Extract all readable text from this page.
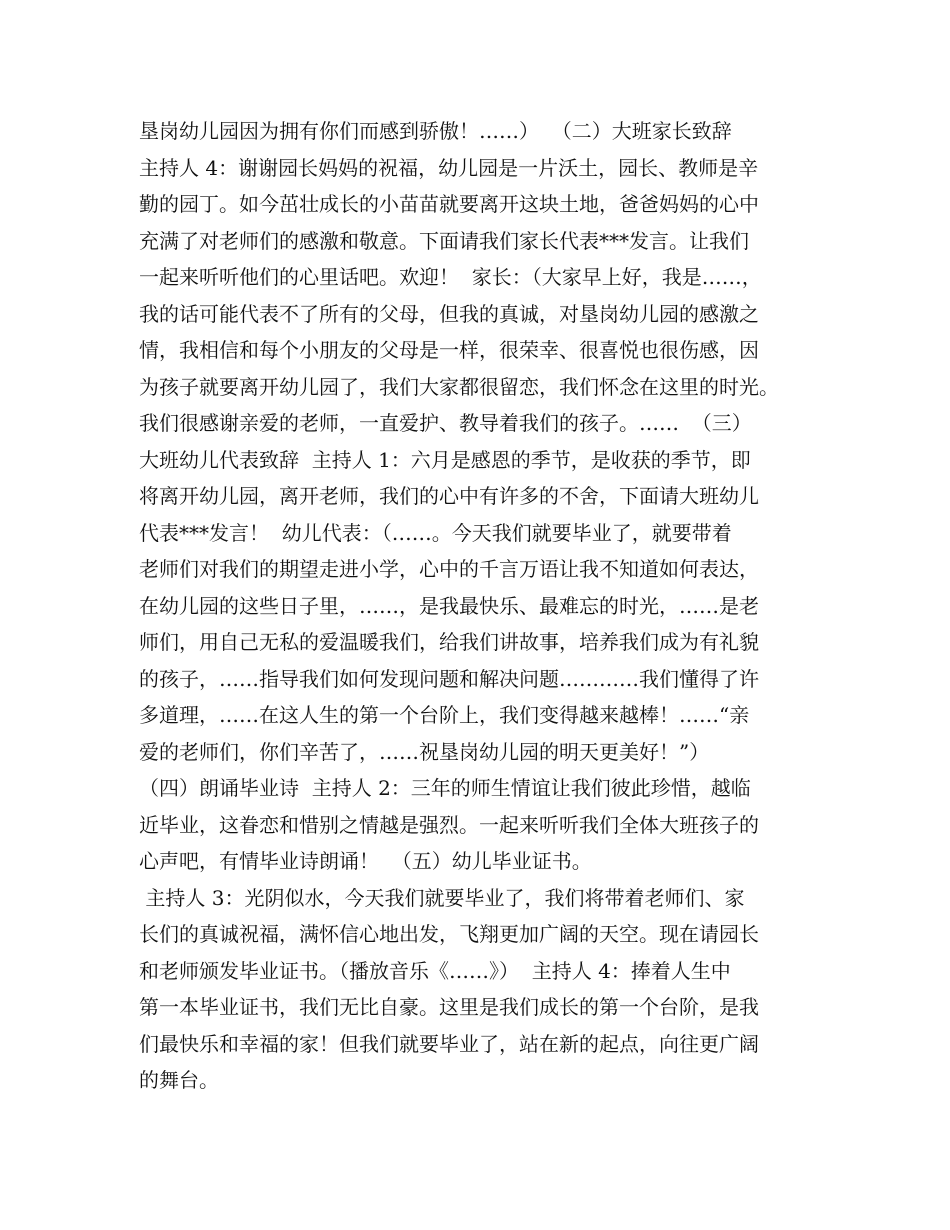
垦岗幼儿园因为拥有你们而感到骄傲！……）  （二）大班家长致辞
主持人 4：谢谢园长妈妈的祝福，幼儿园是一片沃土，园长、教师是辛
勤的园丁。如今茁壮成长的小苗苗就要离开这块土地，爸爸妈妈的心中
充满了对老师们的感激和敬意。下面请我们家长代表***发言。让我们
一起来听听他们的心里话吧。欢迎！  家长：（大家早上好，我是……，
我的话可能代表不了所有的父母，但我的真诚，对垦岗幼儿园的感激之
情，我相信和每个小朋友的父母是一样，很荣幸、很喜悦也很伤感，因
为孩子就要离开幼儿园了，我们大家都很留恋，我们怀念在这里的时光。
我们很感谢亲爱的老师，一直爱护、教导着我们的孩子。……  （三）
大班幼儿代表致辞  主持人 1：六月是感恩的季节，是收获的季节，即
将离开幼儿园，离开老师，我们的心中有许多的不舍，下面请大班幼儿
代表***发言！  幼儿代表：（……。今天我们就要毕业了，就要带着
老师们对我们的期望走进小学，心中的千言万语让我不知道如何表达，
在幼儿园的这些日子里，……，是我最快乐、最难忘的时光，……是老
师们，用自己无私的爱温暖我们，给我们讲故事，培养我们成为有礼貌
的孩子，……指导我们如何发现问题和解决问题…………我们懂得了许
多道理，……在这人生的第一个台阶上，我们变得越来越棒！……“亲
爱的老师们，你们辛苦了，……祝垦岗幼儿园的明天更美好！”）
（四）朗诵毕业诗  主持人 2：三年的师生情谊让我们彼此珍惜，越临
近毕业，这眷恋和惜别之情越是强烈。一起来听听我们全体大班孩子的
心声吧，有情毕业诗朗诵！  （五）幼儿毕业证书。
主持人 3：光阴似水，今天我们就要毕业了，我们将带着老师们、家
长们的真诚祝福，满怀信心地出发，飞翔更加广阔的天空。现在请园长
和老师颁发毕业证书。（播放音乐《……》）  主持人 4：捧着人生中
第一本毕业证书，我们无比自豪。这里是我们成长的第一个台阶，是我
们最快乐和幸福的家！但我们就要毕业了，站在新的起点，向往更广阔
的舞台。
